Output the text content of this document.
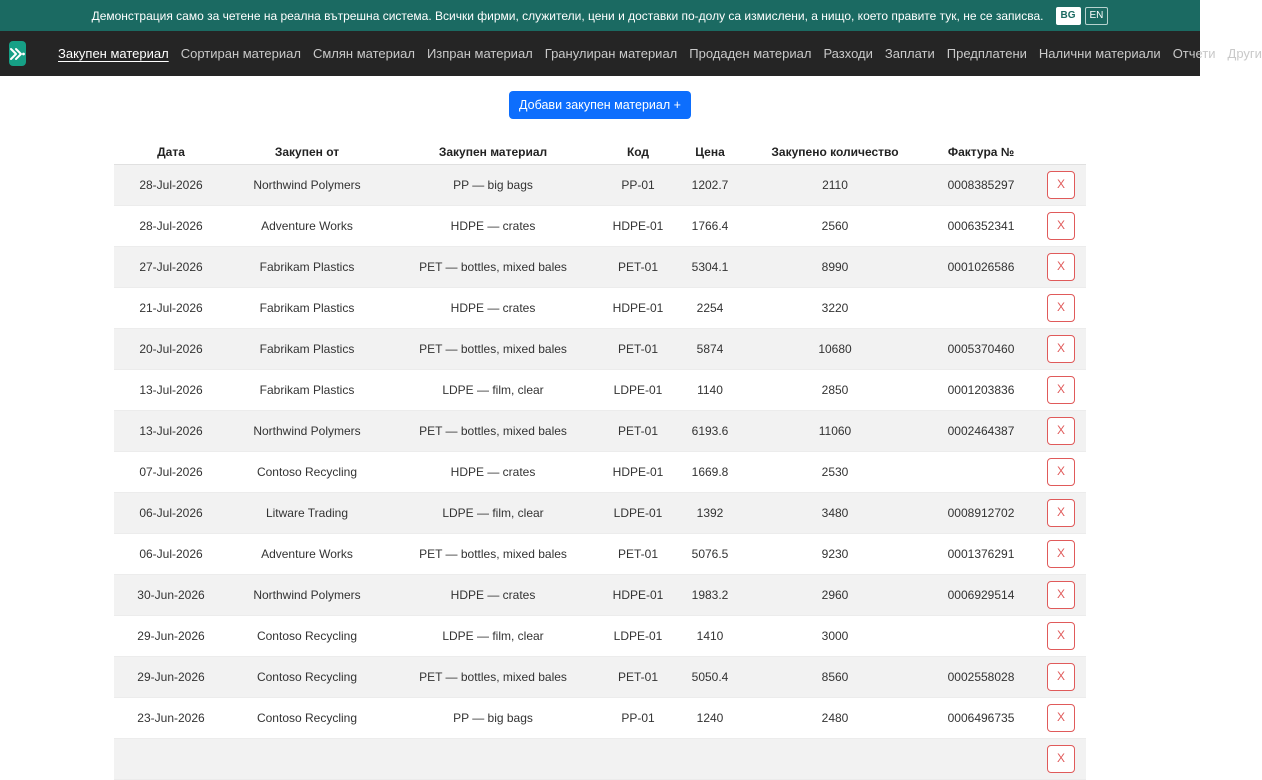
Демонстрация само за четене на реална вътрешна система. Всички фирми, служители, цени и доставки по-долу са измислени, а нищо, което правите тук, не се записва.	BG	EN
Закупен материал Сортиран материал Смлян материал Изпран материал Гранулиран материал Продаден материал Разходи Заплати Предплатени Налични материали Отчети Други
Добави закупен материал +
Дата	Закупен от	Закупен материал	Код	Цена	Закупено количество	Фактура №	
28-Jul-2026	Northwind Polymers	PP — big bags	PP-01	1202.7	2110	0008385297	X
28-Jul-2026	Adventure Works	HDPE — crates	HDPE-01	1766.4	2560	0006352341	X
27-Jul-2026	Fabrikam Plastics	PET — bottles, mixed bales	PET-01	5304.1	8990	0001026586	X
21-Jul-2026	Fabrikam Plastics	HDPE — crates	HDPE-01	2254	3220		X
20-Jul-2026	Fabrikam Plastics	PET — bottles, mixed bales	PET-01	5874	10680	0005370460	X
13-Jul-2026	Fabrikam Plastics	LDPE — film, clear	LDPE-01	1140	2850	0001203836	X
13-Jul-2026	Northwind Polymers	PET — bottles, mixed bales	PET-01	6193.6	11060	0002464387	X
07-Jul-2026	Contoso Recycling	HDPE — crates	HDPE-01	1669.8	2530		X
06-Jul-2026	Litware Trading	LDPE — film, clear	LDPE-01	1392	3480	0008912702	X
06-Jul-2026	Adventure Works	PET — bottles, mixed bales	PET-01	5076.5	9230	0001376291	X
30-Jun-2026	Northwind Polymers	HDPE — crates	HDPE-01	1983.2	2960	0006929514	X
29-Jun-2026	Contoso Recycling	LDPE — film, clear	LDPE-01	1410	3000		X
29-Jun-2026	Contoso Recycling	PET — bottles, mixed bales	PET-01	5050.4	8560	0002558028	X
23-Jun-2026	Contoso Recycling	PP — big bags	PP-01	1240	2480	0006496735	X
							X
